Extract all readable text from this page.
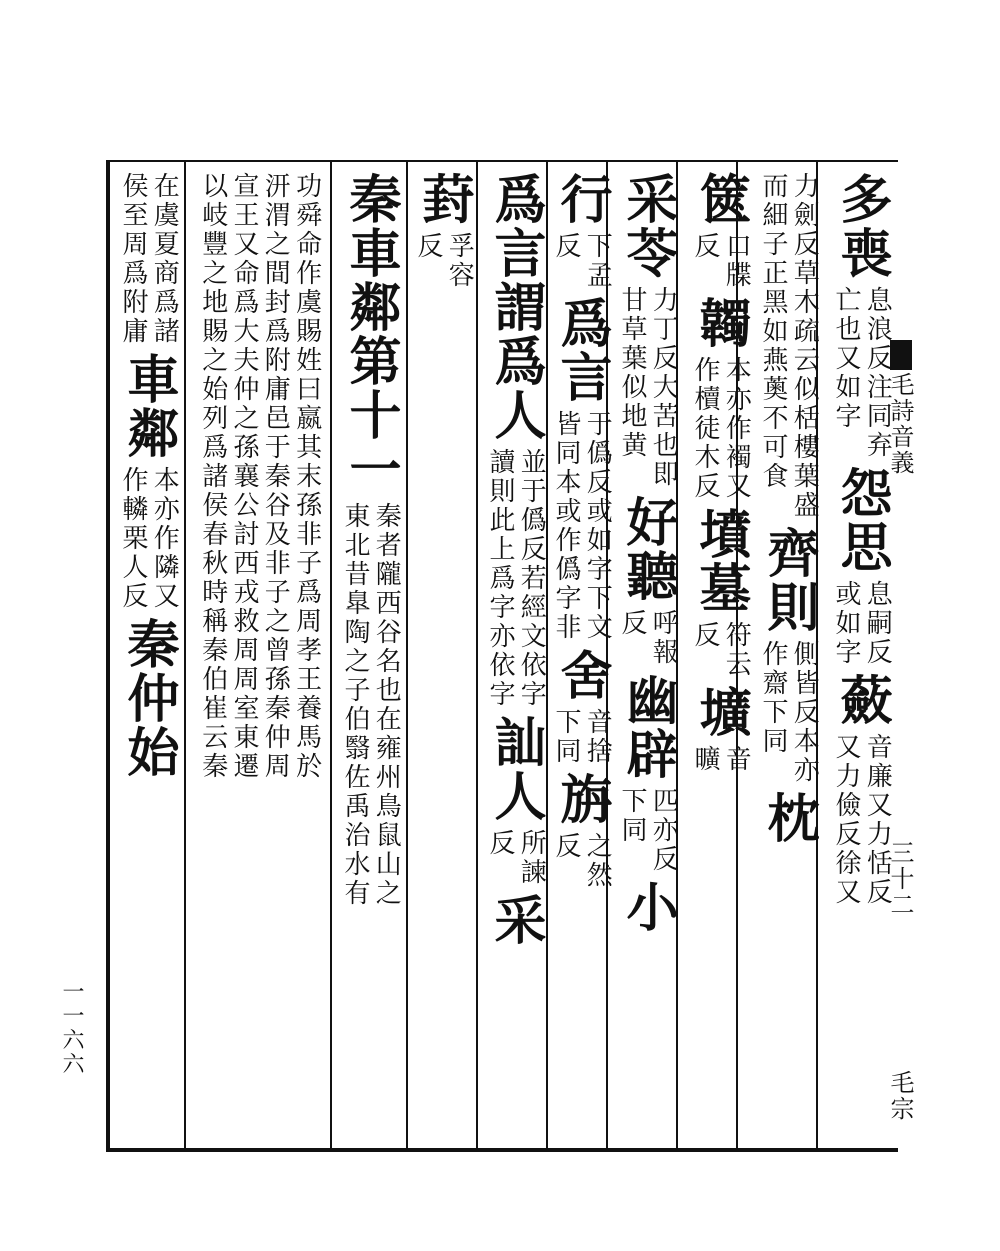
毛詩音義
三十二
毛宗
一一六六
多喪
息浪反注同弃
亡也又如字
怨思
息嗣反
或如字
蘞
音廉又力恬反
又力儉反徐又
力劍反草木疏云似栝樓葉盛
而細子正黑如燕薁不可食
齊則
側皆反本亦
作齋下同
枕
篋
口牒
反
韣
本亦作襡又
作櫝徒木反
墳墓
符云
反
壙
音
曠
采苓
力丁反大苦也即
甘草葉似地黄
好聽
呼報
反
幽辟
匹亦反
下同
小
行
下孟
反
爲言
于僞反或如字下文
皆同本或作僞字非
舍
音捨
下同
旃
之然
反
爲言謂爲人
並于僞反若經文依字
讀則此上爲字亦依字
訕人
所諫
反
采
葑
孚容
反
秦車鄰第十一
秦者隴西谷名也在雍州鳥鼠山之
東北昔臯陶之子伯翳佐禹治水有
功舜命作虞賜姓曰嬴其末孫非子爲周孝王養馬於
汧渭之間封爲附庸邑于秦谷及非子之曾孫秦仲周
宣王又命爲大夫仲之孫襄公討西戎救周周室東遷
以岐豐之地賜之始列爲諸侯春秋時稱秦伯崔云秦
在虞夏商爲諸
侯至周爲附庸
車鄰
本亦作隣又
作轔栗人反
秦仲始
